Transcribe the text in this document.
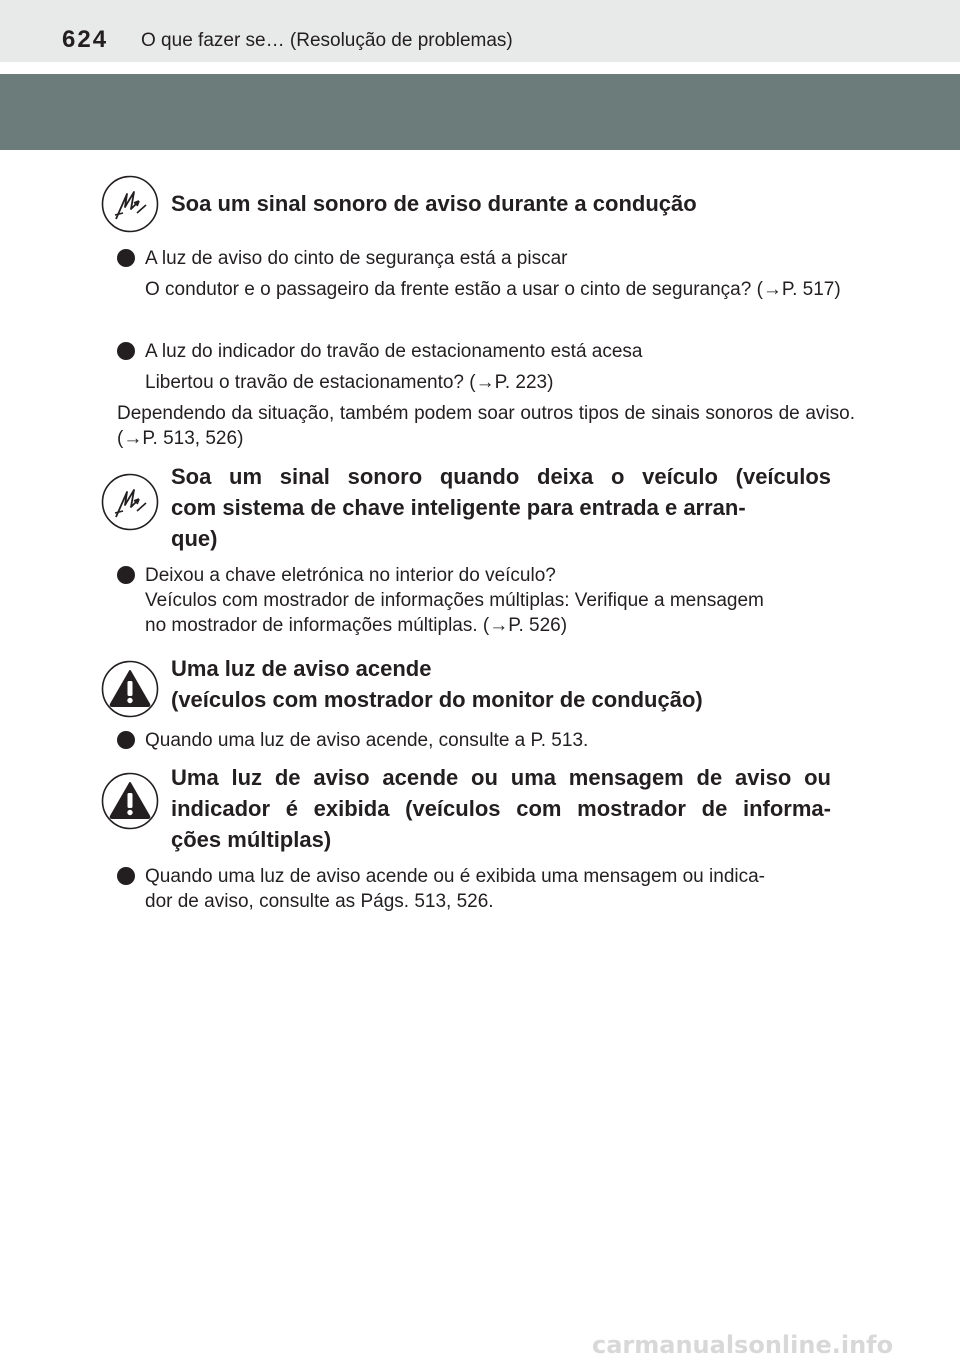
624 O que fazer se… (Resolução de problemas)
Soa um sinal sonoro de aviso durante a condução
A luz de aviso do cinto de segurança está a piscar
O condutor e o passageiro da frente estão a usar o cinto de segurança? (→P. 517)
A luz do indicador do travão de estacionamento está acesa
Libertou o travão de estacionamento? (→P. 223)
Dependendo da situação, também podem soar outros tipos de sinais sonoros de aviso. (→P. 513, 526)
Soa um sinal sonoro quando deixa o veículo (veículos
com sistema de chave inteligente para entrada e arran-
que)
Deixou a chave eletrónica no interior do veículo?
Veículos com mostrador de informações múltiplas: Verifique a mensagem
no mostrador de informações múltiplas. (→P. 526)
Uma luz de aviso acende
(veículos com mostrador do monitor de condução)
Quando uma luz de aviso acende, consulte a P. 513.
Uma luz de aviso acende ou uma mensagem de aviso ou
indicador é exibida (veículos com mostrador de informa-
ções múltiplas)
Quando uma luz de aviso acende ou é exibida uma mensagem ou indica-
dor de aviso, consulte as Págs. 513, 526.
carmanualsonline.info
